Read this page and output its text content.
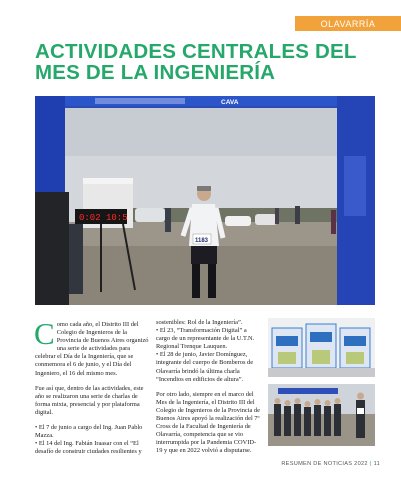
OLAVARRÍA
ACTIVIDADES CENTRALES DEL MES DE LA INGENIERÍA
CAVA
0:02 10:5
1183

Como cada año, el Distrito III del Colegio de Ingenieros de la Provincia de Buenos Aires organizó una serie de actividades para celebrar el Día de la Ingeniería, que se conmemora el 6 de junio, y el Día del Ingeniero, el 16 del mismo mes.

Fue así que, dentro de las actividades, este año se realizaron una serie de charlas de forma mixta, presencial y por plataforma digital.

• El 7 de junio a cargo del Ing. Juan Pablo Mazza.

• El 14 del Ing. Fabián Iraasar con el “El desafío de construir ciudades resilientes y

sostenibles: Rol de la Ingeniería”.

• El 23, “Transformación Digital” a cargo de un representante de la U.T.N. Regional Trenque Lauquen.

• El 28 de junio, Javier Domínguez, integrante del cuerpo de Bomberos de Olavarría brindó la última charla “Incendios en edificios de altura”.

Por otro lado, siempre en el marco del Mes de la Ingeniería, el Distrito III del Colegio de Ingenieros de la Provincia de Buenos Aires apoyó la realización del 7º Cross de la Facultad de Ingeniería de Olavarría, competencia que se vio interrumpida por la Pandemia COVID-19 y que en 2022 volvió a disputarse.

RESUMEN DE NOTICIAS 2022 | 11
